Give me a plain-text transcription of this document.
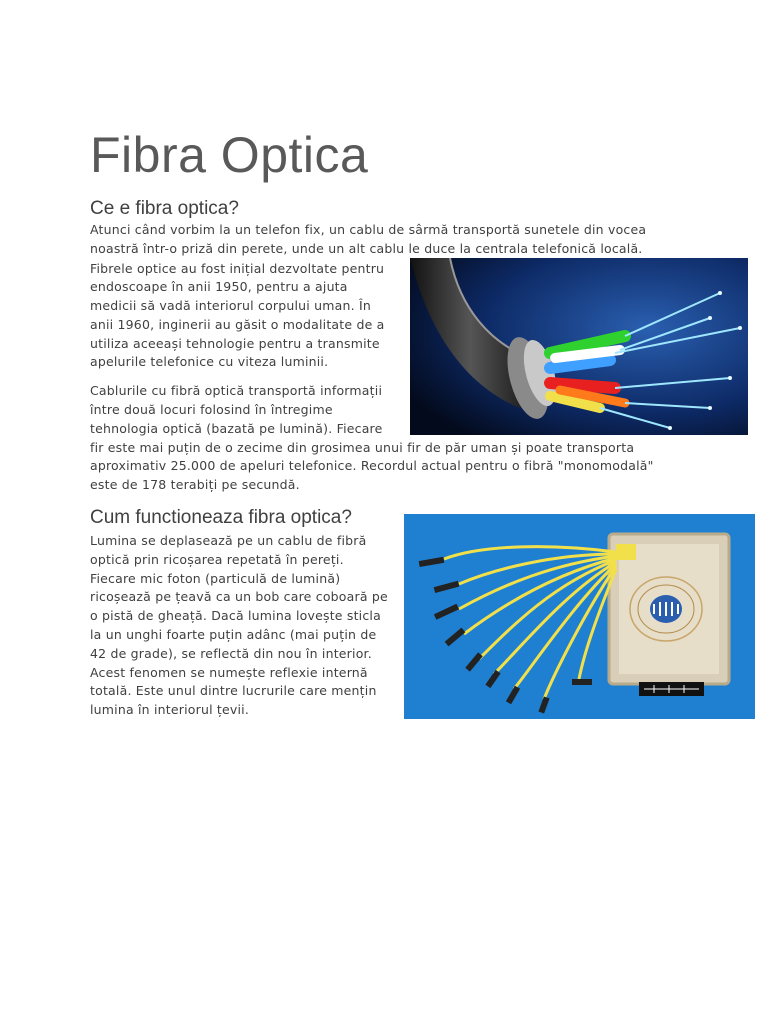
Fibra Optica
Ce e fibra optica?

Atunci când vorbim la un telefon fix, un cablu de sârmă transportă sunetele din vocea

noastră într-o priză din perete, unde un alt cablu le duce la centrala telefonică locală.

Fibrele optice au fost inițial dezvoltate pentru

endoscoape în anii 1950, pentru a ajuta

medicii să vadă interiorul corpului uman. În

anii 1960, inginerii au găsit o modalitate de a

utiliza aceeași tehnologie pentru a transmite

apelurile telefonice cu viteza luminii.

Cablurile cu fibră optică transportă informații

între două locuri folosind în întregime

tehnologia optică (bazată pe lumină). Fiecare

fir este mai puțin de o zecime din grosimea unui fir de păr uman și poate transporta

aproximativ 25.000 de apeluri telefonice. Recordul actual pentru o fibră "monomodală"

este de 178 terabiți pe secundă.

Cum functioneaza fibra optica?

Lumina se deplasează pe un cablu de fibră

optică prin ricoșarea repetată în pereți.

Fiecare mic foton (particulă de lumină)

ricoșează pe țeavă ca un bob care coboară pe

o pistă de gheață. Dacă lumina lovește sticla

la un unghi foarte puțin adânc (mai puțin de

42 de grade), se reflectă din nou în interior.

Acest fenomen se numește reflexie internă

totală. Este unul dintre lucrurile care mențin

lumina în interiorul țevii.
